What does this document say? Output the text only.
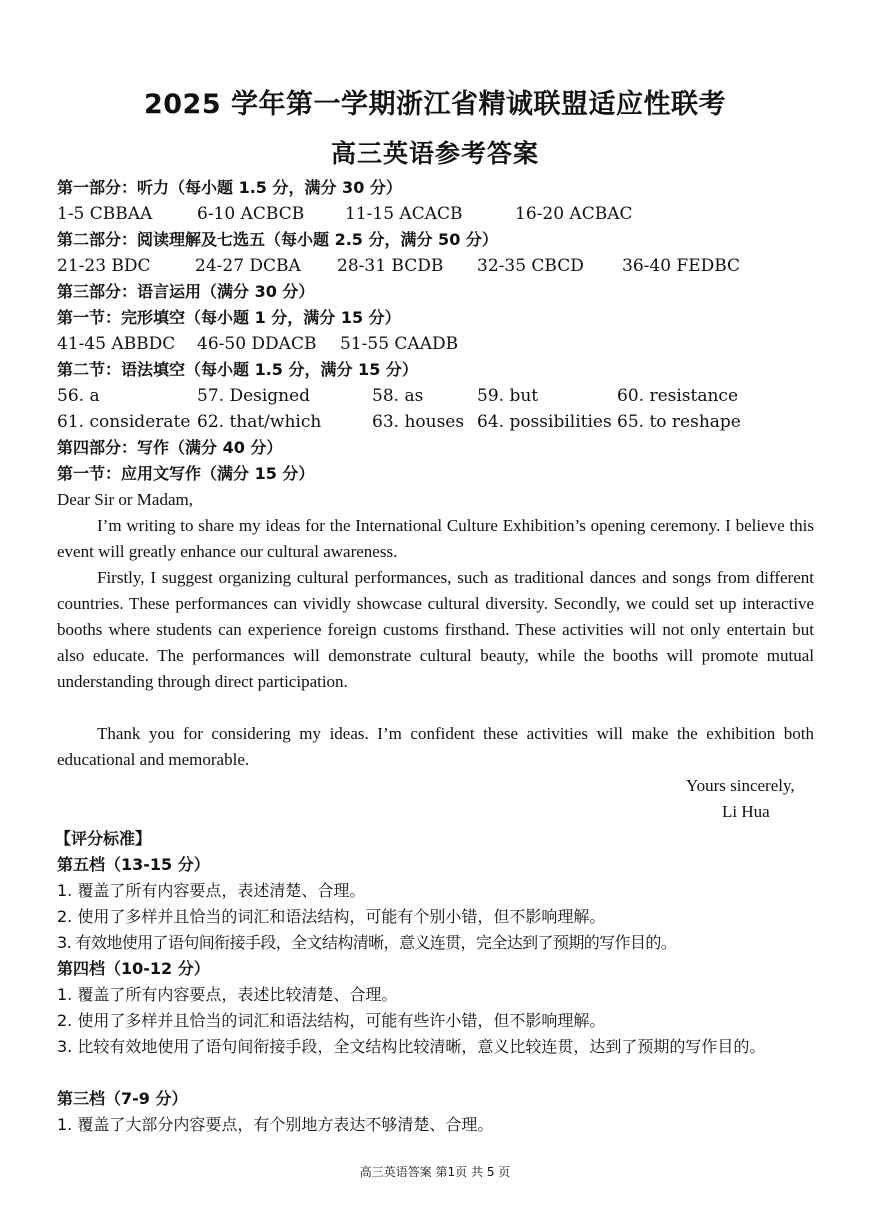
2025 学年第一学期浙江省精诚联盟适应性联考
高三英语参考答案
第一部分：听力（每小题 1.5 分，满分 30 分）
1-5 CBBAA	6-10 ACBCB 11-15 ACACB	16-20 ACBAC
第二部分：阅读理解及七选五（每小题 2.5 分，满分 50 分）
21-23 BDC	24-27 DCBA 28-31 BCDB 32-35 CBCD 36-40 FEDBC
第三部分：语言运用（满分 30 分）
第一节：完形填空（每小题 1 分，满分 15 分）
41-45 ABBDC 46-50 DDACB 51-55 CAADB
第二节：语法填空（每小题 1.5 分，满分 15 分）
56. a	57. Designed	58. as	59. but	60. resistance
61. considerate 62. that/which	63. houses 64. possibilities 65. to reshape
第四部分：写作（满分 40 分）
第一节：应用文写作（满分 15 分）
Dear Sir or Madam,
I’m writing to share my ideas for the International Culture Exhibition’s opening ceremony. I believe this event will greatly enhance our cultural awareness.
Firstly, I suggest organizing cultural performances, such as traditional dances and songs from different countries. These performances can vividly showcase cultural diversity. Secondly, we could set up interactive booths where students can experience foreign customs firsthand. These activities will not only entertain but also educate. The performances will demonstrate cultural beauty, while the booths will promote mutual understanding through direct participation.
Thank you for considering my ideas. I’m confident these activities will make the exhibition both educational and memorable.
Yours sincerely,
Li Hua
【评分标准】
第五档（13-15 分）
1. 覆盖了所有内容要点，表述清楚、合理。
2. 使用了多样并且恰当的词汇和语法结构，可能有个别小错，但不影响理解。
3. 有效地使用了语句间衔接手段，全文结构清晰，意义连贯，完全达到了预期的写作目的。
第四档（10-12 分）
1. 覆盖了所有内容要点，表述比较清楚、合理。
2. 使用了多样并且恰当的词汇和语法结构，可能有些许小错，但不影响理解。
3. 比较有效地使用了语句间衔接手段，全文结构比较清晰，意义比较连贯，达到了预期的写作目的。
第三档（7-9 分）
1. 覆盖了大部分内容要点，有个别地方表达不够清楚、合理。
高三英语答案 第1页 共 5 页
